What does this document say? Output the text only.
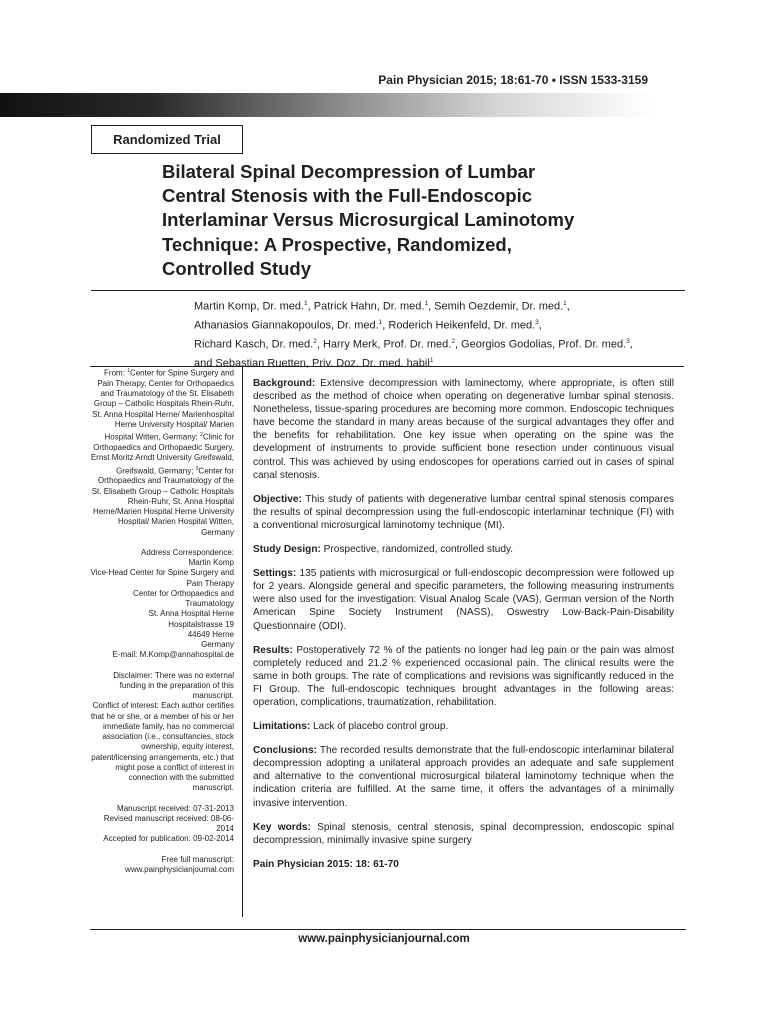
Pain Physician 2015; 18:61-70 • ISSN 1533-3159
Randomized Trial
Bilateral Spinal Decompression of Lumbar
Central Stenosis with the Full-Endoscopic
Interlaminar Versus Microsurgical Laminotomy
Technique: A Prospective, Randomized,
Controlled Study
Martin Komp, Dr. med.$^1$, Patrick Hahn, Dr. med.$^1$, Semih Oezdemir, Dr. med.$^1$,
Athanasios Giannakopoulos, Dr. med.$^1$, Roderich Heikenfeld, Dr. med.$^3$,
Richard Kasch, Dr. med.$^2$, Harry Merk, Prof. Dr. med.$^2$, Georgios Godolias, Prof. Dr. med.$^3$,
and Sebastian Ruetten, Priv. Doz. Dr. med. habil$^1$

From: $^1$Center for Spine Surgery and Pain Therapy, Center for Orthopaedics and Traumatology of the St. Elisabeth Group – Catholic Hospitals Rhein-Ruhr, St. Anna Hospital Herne/ Marienhospital Herne University Hospital/ Marien Hospital Witten, Germany; $^2$Clinic for Orthopaedics and Orthopaedic Surgery, Ernst Moritz Arndt University Greifswald, Greifswald, Germany; $^3$Center for Orthopaedics and Traumatology of the St. Elisabeth Group – Catholic Hospitals Rhein-Ruhr, St. Anna Hospital Herne/Marien Hospital Herne University Hospital/ Marien Hospital Witten, Germany

Address Correspondence:
Martin Komp
Vice-Head Center for Spine Surgery and Pain Therapy
Center for Orthopaedics and Traumatology
St. Anna Hospital Herne
Hospitalstrasse 19
44649 Herne
Germany
E-mail: M.Komp@annahospital.de

Disclaimer: There was no external funding in the preparation of this manuscript.

Conflict of interest: Each author certifies that he or she, or a member of his or her immediate family, has no commercial association (i.e., consultancies, stock ownership, equity interest, patent/licensing arrangements, etc.) that might pose a conflict of interest in connection with the submitted manuscript.

Manuscript received: 07-31-2013
Revised manuscript received: 08-06-2014
Accepted for publication: 09-02-2014
Free full manuscript:
www.painphysicianjournal.com

Background: Extensive decompression with laminectomy, where appropriate, is often still described as the method of choice when operating on degenerative lumbar spinal stenosis. Nonetheless, tissue-sparing procedures are becoming more common. Endoscopic techniques have become the standard in many areas because of the surgical advantages they offer and the benefits for rehabilitation. One key issue when operating on the spine was the development of instruments to provide sufficient bone resection under continuous visual control. This was achieved by using endoscopes for operations carried out in cases of spinal canal stenosis.

Objective: This study of patients with degenerative lumbar central spinal stenosis compares the results of spinal decompression using the full-endoscopic interlaminar technique (FI) with a conventional microsurgical laminotomy technique (MI).

Study Design: Prospective, randomized, controlled study.

Settings: 135 patients with microsurgical or full-endoscopic decompression were followed up for 2 years. Alongside general and specific parameters, the following measuring instruments were also used for the investigation: Visual Analog Scale (VAS), German version of the North American Spine Society Instrument (NASS), Oswestry Low-Back-Pain-Disability Questionnaire (ODI).

Results: Postoperatively 72 % of the patients no longer had leg pain or the pain was almost completely reduced and 21.2 % experienced occasional pain. The clinical results were the same in both groups. The rate of complications and revisions was significantly reduced in the FI Group. The full-endoscopic techniques brought advantages in the following areas: operation, complications, traumatization, rehabilitation.

Limitations: Lack of placebo control group.

Conclusions: The recorded results demonstrate that the full-endoscopic interlaminar bilateral decompression adopting a unilateral approach provides an adequate and safe supplement and alternative to the conventional microsurgical bilateral laminotomy technique when the indication criteria are fulfilled. At the same time, it offers the advantages of a minimally invasive intervention.

Key words: Spinal stenosis, central stenosis, spinal decompression, endoscopic spinal decompression, minimally invasive spine surgery

Pain Physician 2015: 18: 61-70
www.painphysicianjournal.com
